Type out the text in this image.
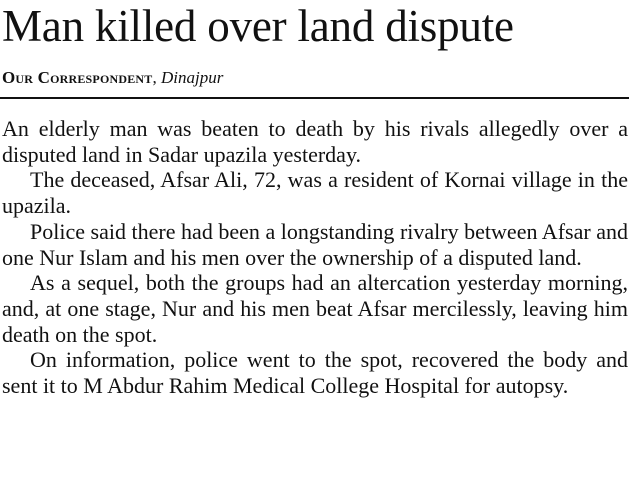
Man killed over land dispute

Our Correspondent, Dinajpur

An elderly man was beaten to death by his rivals allegedly over a disputed land in Sadar upazila yesterday.

The deceased, Afsar Ali, 72, was a resident of Kornai village in the upazila.

Police said there had been a longstanding rivalry between Afsar and one Nur Islam and his men over the ownership of a disputed land.

As a sequel, both the groups had an altercation yesterday morning, and, at one stage, Nur and his men beat Afsar mercilessly, leaving him death on the spot.

On information, police went to the spot, recovered the body and sent it to M Abdur Rahim Medical College Hospital for autopsy.
